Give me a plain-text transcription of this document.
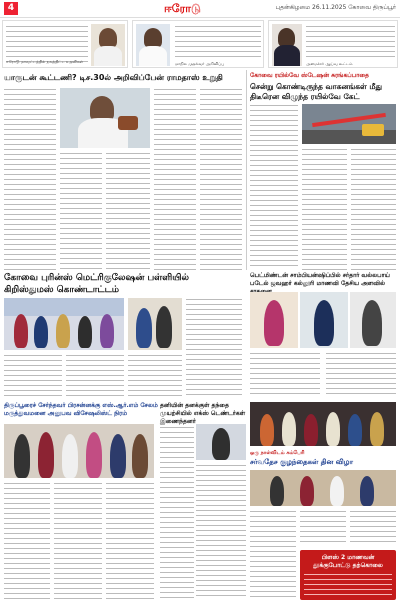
4	ஈரோடு	புதன்கிழமை 26.11.2025 கோவை திருப்பூர்
ஈரோடு மாவட்டத்தில் நலத்திட்ட உதவிகள்	மாநில முதல்வர் அறிவிப்பு	அமைச்சர் ஆய்வு கூட்டம்
யாருடன் கூட்டணி? டிச.30ல் அறிவிப்பேன் ராமதாஸ் உறுதி	கோவை ரயில்வே ஸ்டேஷன் சுரங்கப்பாதை
சென்று கொண்டிருந்த வாகனங்கள் மீது திடீரென விழுந்த ரயில்வே கேட்
கோவை புரின்ஸ் மெட்ரிகுலேஷன் பள்ளியில் கிறிஸ்துமஸ் கொண்டாட்டம்
பெட்மிண்டன் சாம்பியன்ஷிப்பில் சர்தார் வல்லபாய் படேல் ஜவஹர் கல்லூரி மாணவி தேசிய அளவில்
திருப்பூரைச் சேர்ந்தவர் பிரசன்னக்கு எஸ்.ஆர்.எம் சேலம் மருத்துவமனை அனுபவ விசேஷலிஸ்ட் நிரம்
தனியின் தனக்குள் தந்தை முயற்சியில் எக்ஸ் டெண்டர்கள் இணைந்தனர்
ஒரு நாள்விடம் கம்பேரி
சர்வதேச குழந்தைகள் தின விழா
பிளஸ் 2 மாணவன் தூக்குபோட்டு தற்கொலை
